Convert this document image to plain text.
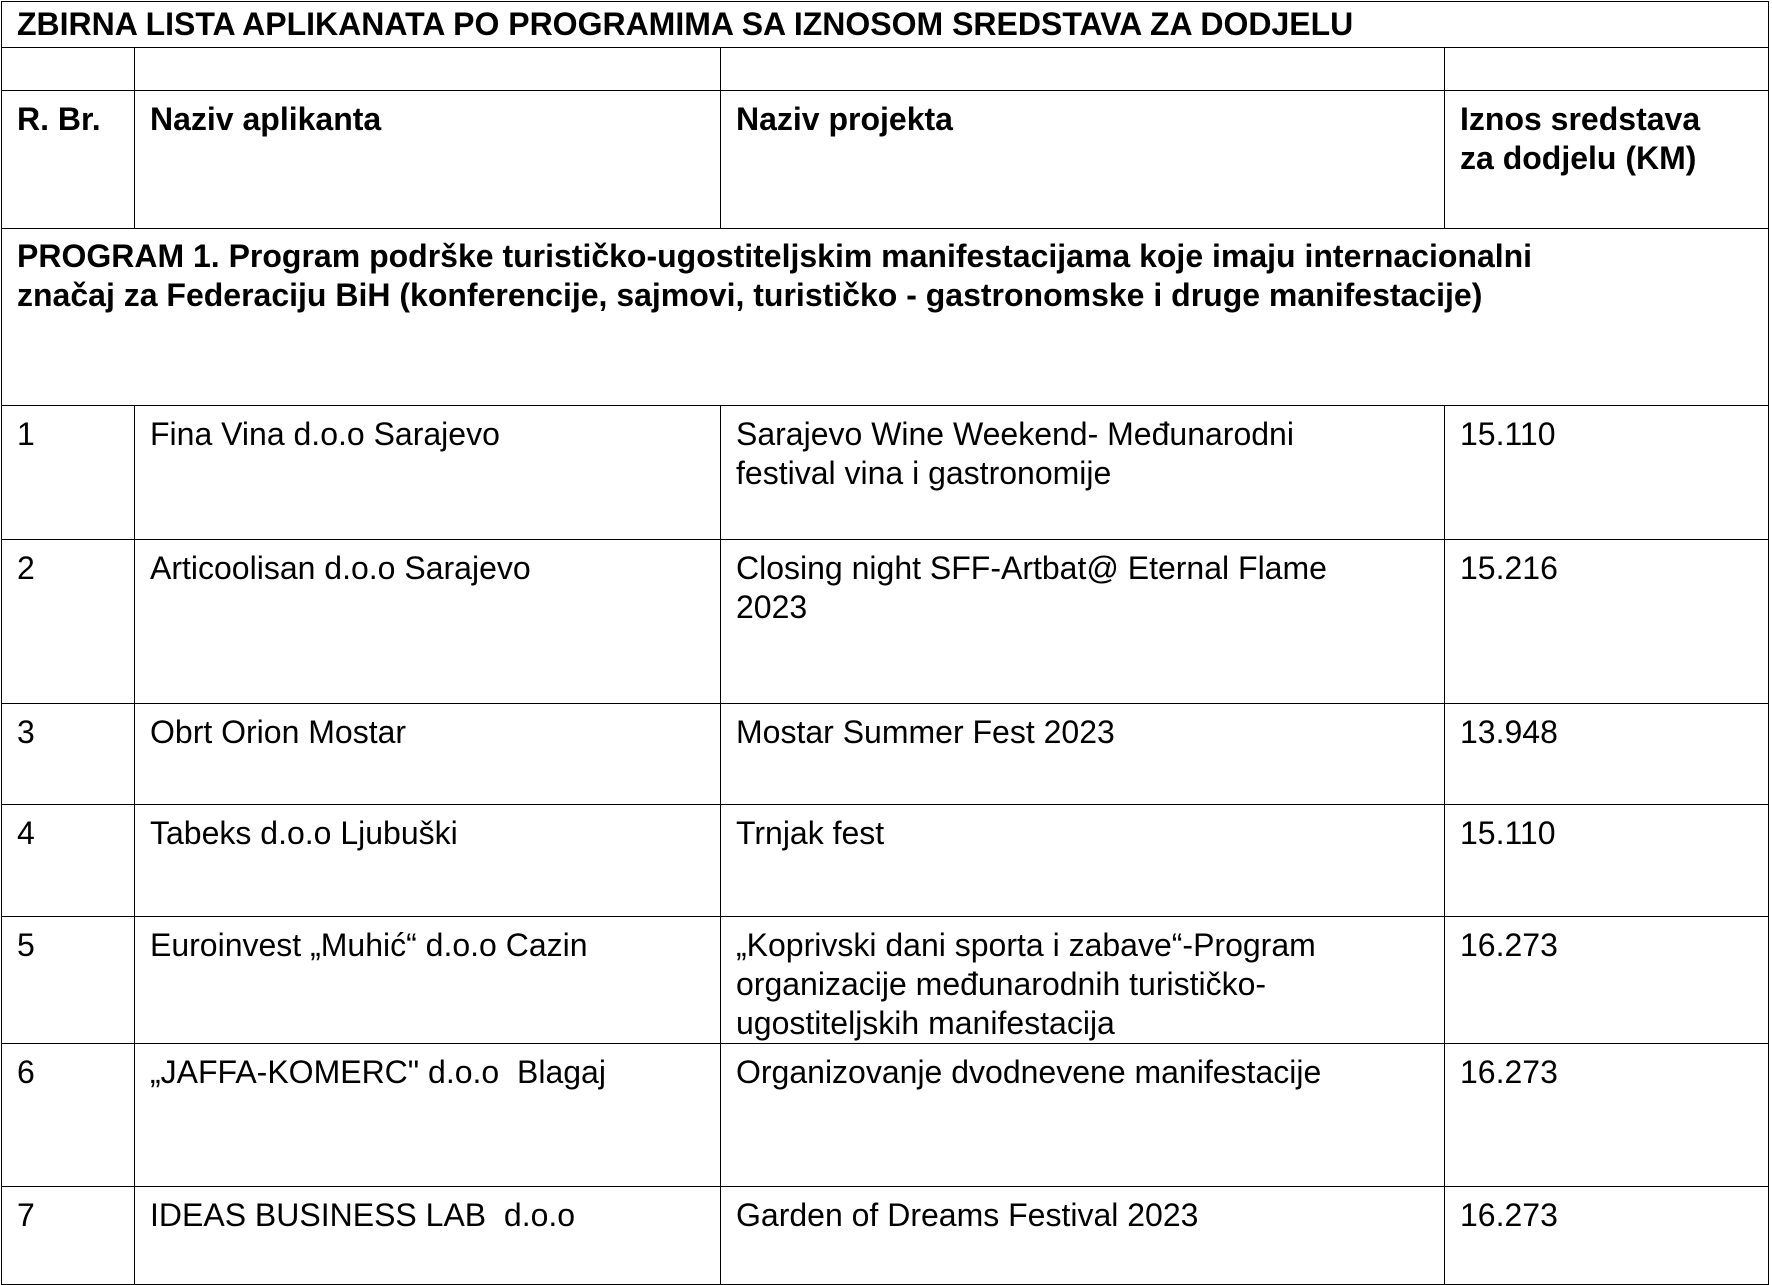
ZBIRNA LISTA APLIKANATA PO PROGRAMIMA SA IZNOSOM SREDSTAVA ZA DODJELU			

R. Br.	Naziv aplikanta	Naziv projekta	Iznos sredstava
za dodjelu (KM)

PROGRAM 1. Program podrške turističko-ugostiteljskim manifestacijama koje imaju internacionalni
značaj za Federaciju BiH (konferencije, sajmovi, turističko - gastronomske i druge manifestacije)			

1	Fina Vina d.o.o Sarajevo	Sarajevo Wine Weekend- Međunarodni
festival vina i gastronomije	15.110
2	Articoolisan d.o.o Sarajevo	Closing night SFF-Artbat@ Eternal Flame
2023	15.216
3	Obrt Orion Mostar	Mostar Summer Fest 2023	13.948
4	Tabeks d.o.o Ljubuški	Trnjak fest	15.110
5	Euroinvest „Muhić“ d.o.o Cazin	„Koprivski dani sporta i zabave“-Program
organizacije međunarodnih turističko-
ugostiteljskih manifestacija	16.273
6	„JAFFA-KOMERC" d.o.o  Blagaj	Organizovanje dvodnevene manifestacije	16.273
7	IDEAS BUSINESS LAB  d.o.o	Garden of Dreams Festival 2023	16.273
